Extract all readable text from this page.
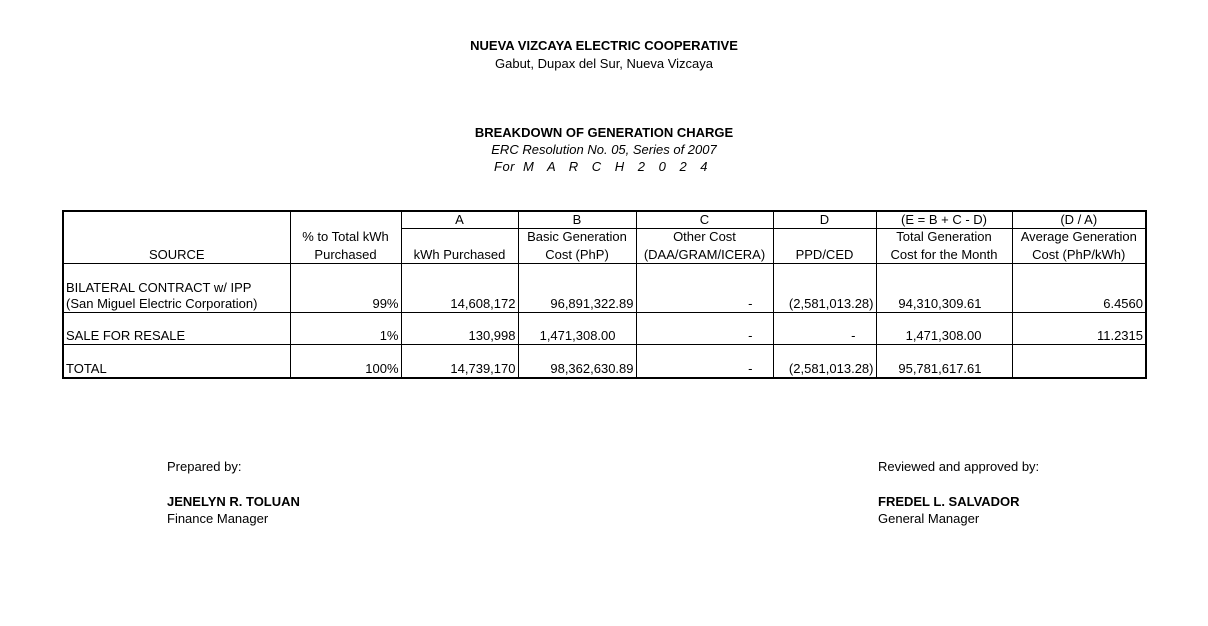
NUEVA VIZCAYA ELECTRIC COOPERATIVE
Gabut, Dupax del Sur, Nueva Vizcaya
BREAKDOWN OF GENERATION CHARGE
ERC Resolution No. 05, Series of 2007
For M A R C H 2 0 2 4
		A	B	C	D	(E = B + C - D)	(D / A)
	% to Total kWh		Basic Generation	Other Cost		Total Generation	Average Generation
SOURCE	Purchased	kWh Purchased	Cost (PhP)	(DAA/GRAM/ICERA)	PPD/CED	Cost for the Month	Cost (PhP/kWh)

BILATERAL CONTRACT w/ IPP							
(San Miguel Electric Corporation)	99%	14,608,172	96,891,322.89	-	(2,581,013.28)	94,310,309.61	6.4560

SALE FOR RESALE	1%	130,998	1,471,308.00	-	-	1,471,308.00	11.2315

TOTAL	100%	14,739,170	98,362,630.89	-	(2,581,013.28)	95,781,617.61	
Prepared by:
JENELYN R. TOLUAN
Finance Manager
Reviewed and approved by:
FREDEL L. SALVADOR
General Manager
